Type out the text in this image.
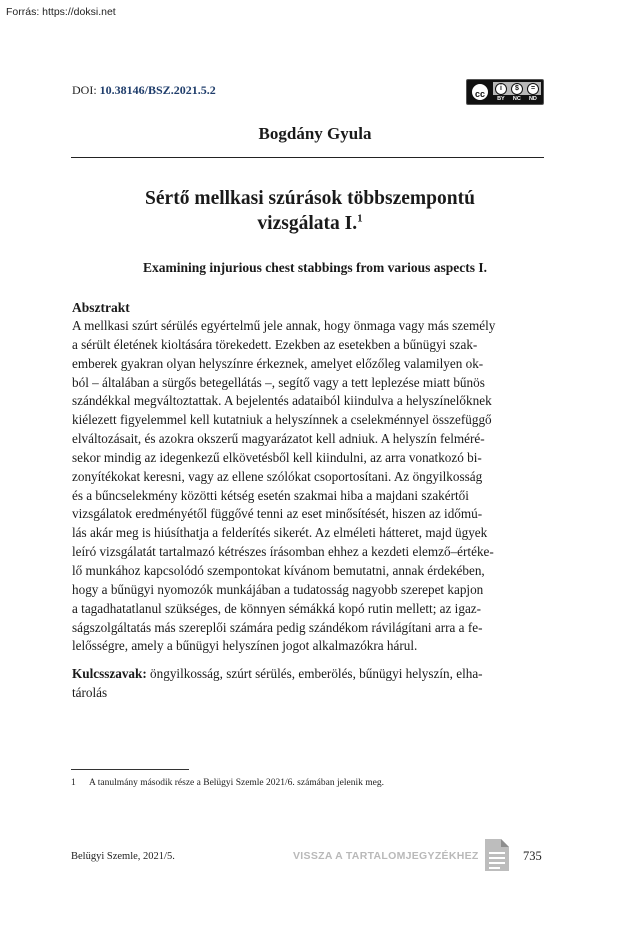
Forrás: https://doksi.net
DOI: 10.38146/BSZ.2021.5.2	cc
i	$	=
BY NC ND
Bogdány Gyula
Sértő mellkasi szúrások többszempontú
vizsgálata I.$^1$
Examining injurious chest stabbings from various aspects I.
Absztrakt
A mellkasi szúrt sérülés egyértelmű jele annak, hogy önmaga vagy más személy
a sérült életének kioltására törekedett. Ezekben az esetekben a bűnügyi szak-
emberek gyakran olyan helyszínre érkeznek, amelyet előzőleg valamilyen ok-
ból – általában a sürgős betegellátás –, segítő vagy a tett leplezése miatt bűnös
szándékkal megváltoztattak. A bejelentés adataiból kiindulva a helyszínelőknek
kiélezett figyelemmel kell kutatniuk a helyszínnek a cselekménnyel összefüggő
elváltozásait, és azokra okszerű magyarázatot kell adniuk. A helyszín felméré-
sekor mindig az idegenkezű elkövetésből kell kiindulni, az arra vonatkozó bi-
zonyítékokat keresni, vagy az ellene szólókat csoportosítani. Az öngyilkosság
és a bűncselekmény közötti kétség esetén szakmai hiba a majdani szakértői
vizsgálatok eredményétől függővé tenni az eset minősítését, hiszen az időmú-
lás akár meg is hiúsíthatja a felderítés sikerét. Az elméleti hátteret, majd ügyek
leíró vizsgálatát tartalmazó kétrészes írásomban ehhez a kezdeti elemző–értéke-
lő munkához kapcsolódó szempontokat kívánom bemutatni, annak érdekében,
hogy a bűnügyi nyomozók munkájában a tudatosság nagyobb szerepet kapjon
a tagadhatatlanul szükséges, de könnyen sémákká kopó rutin mellett; az igaz-
ságszolgáltatás más szereplői számára pedig szándékom rávilágítani arra a fe-
lelősségre, amely a bűnügyi helyszínen jogot alkalmazókra hárul.
Kulcsszavak: öngyilkosság, szúrt sérülés, emberölés, bűnügyi helyszín, elha-
tárolás
1 A tanulmány második része a Belügyi Szemle 2021/6. számában jelenik meg.
Belügyi Szemle, 2021/5.	VISSZA A TARTALOMJEGYZÉKHEZ	735
